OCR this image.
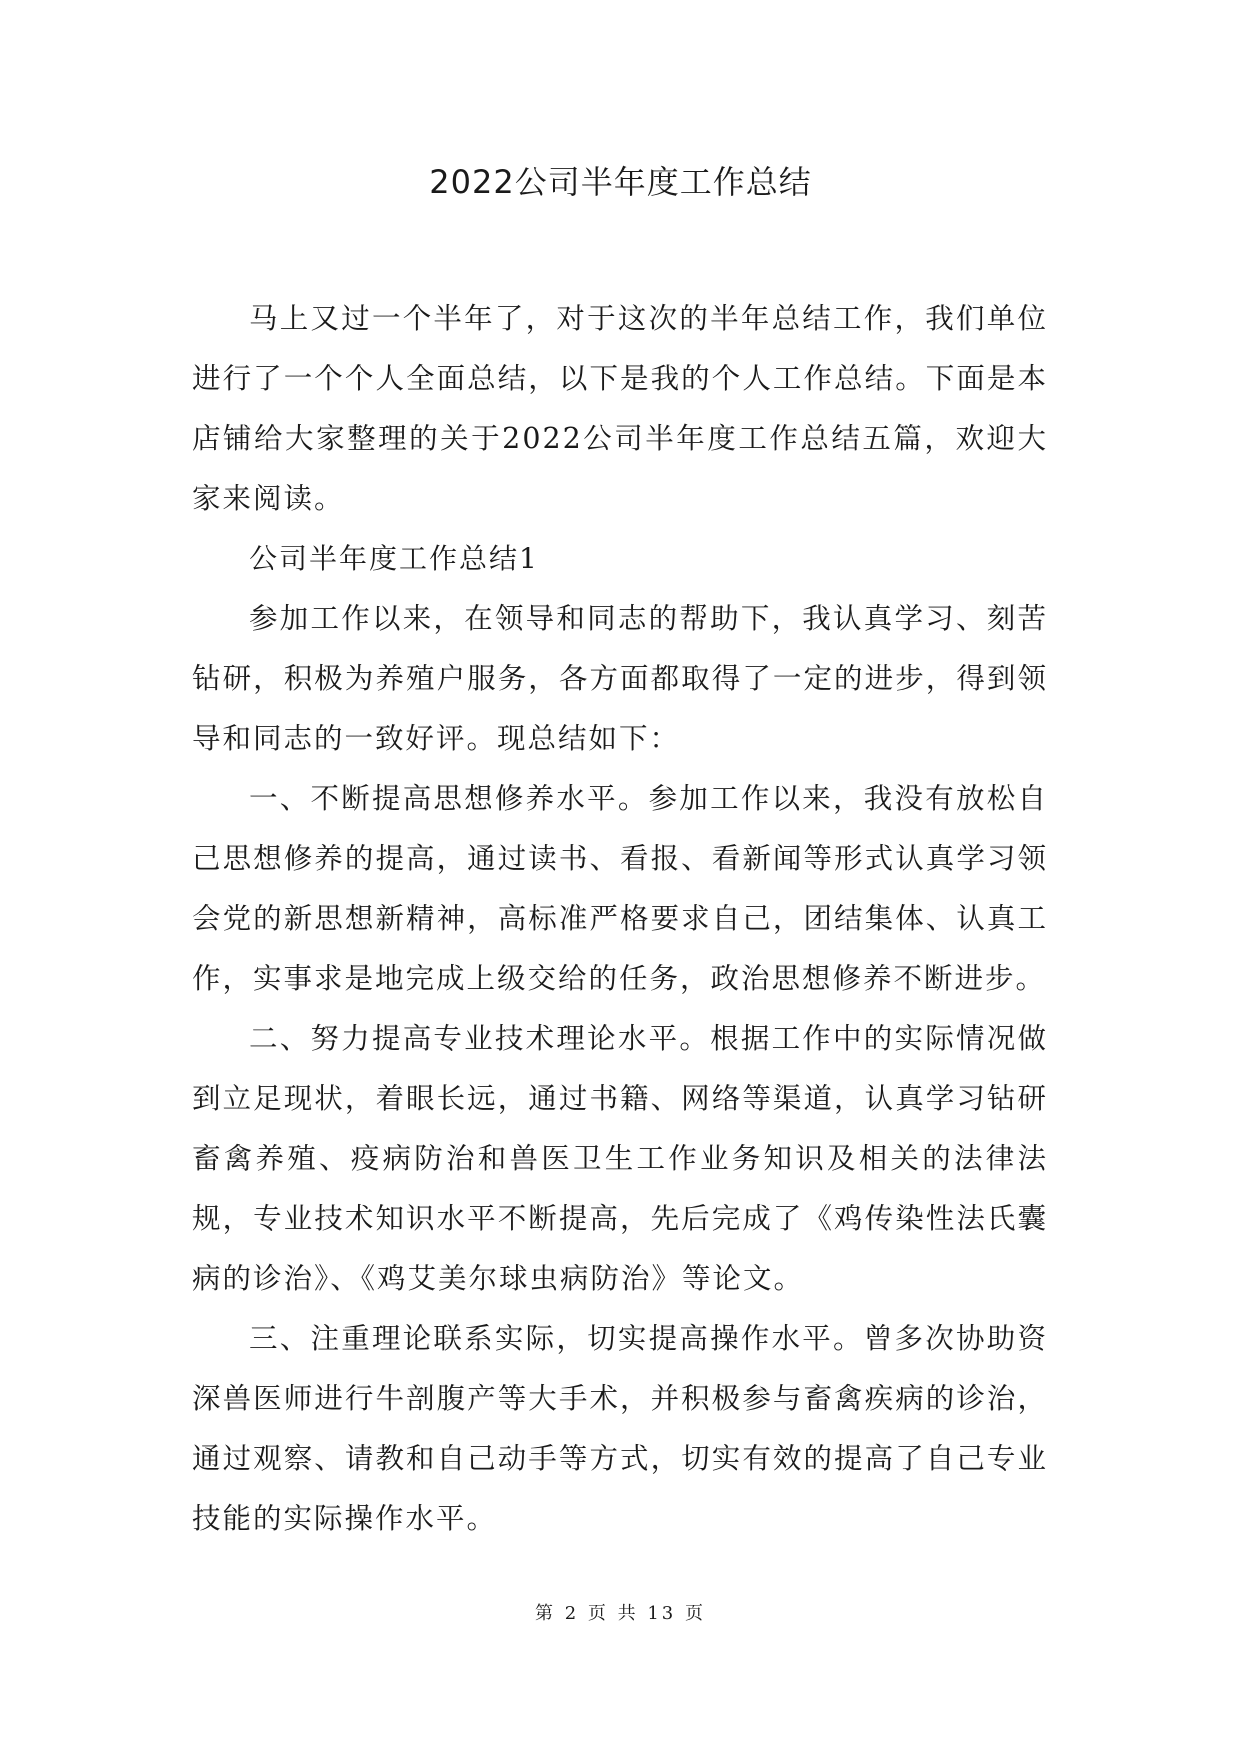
2022公司半年度工作总结

马上又过一个半年了，对于这次的半年总结工作，我们单位进行了一个个人全面总结，以下是我的个人工作总结。下面是本店铺给大家整理的关于2022公司半年度工作总结五篇，欢迎大家来阅读。

公司半年度工作总结1

参加工作以来，在领导和同志的帮助下，我认真学习、刻苦钻研，积极为养殖户服务，各方面都取得了一定的进步，得到领导和同志的一致好评。现总结如下：

一、不断提高思想修养水平。参加工作以来，我没有放松自己思想修养的提高，通过读书、看报、看新闻等形式认真学习领会党的新思想新精神，高标准严格要求自己，团结集体、认真工作，实事求是地完成上级交给的任务，政治思想修养不断进步。

二、努力提高专业技术理论水平。根据工作中的实际情况做到立足现状，着眼长远，通过书籍、网络等渠道，认真学习钻研畜禽养殖、疫病防治和兽医卫生工作业务知识及相关的法律法规，专业技术知识水平不断提高，先后完成了《鸡传染性法氏囊病的诊治》、《鸡艾美尔球虫病防治》等论文。

三、注重理论联系实际，切实提高操作水平。曾多次协助资深兽医师进行牛剖腹产等大手术，并积极参与畜禽疾病的诊治，通过观察、请教和自己动手等方式，切实有效的提高了自己专业技能的实际操作水平。

第 2 页 共 13 页
